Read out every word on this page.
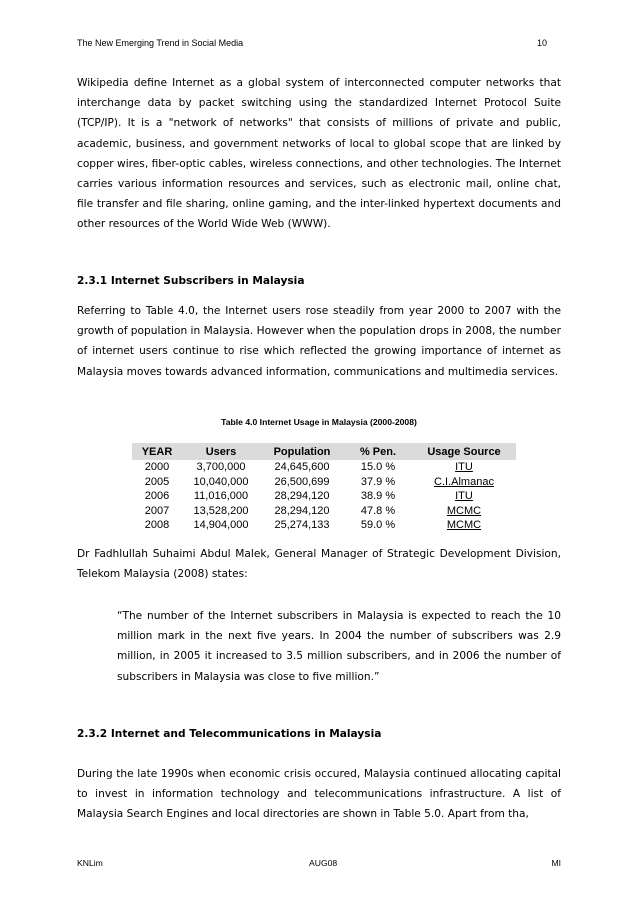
The New Emerging Trend in Social Media	10

Wikipedia define Internet as a global system of interconnected computer networks that interchange data by packet switching using the standardized Internet Protocol Suite (TCP/IP). It is a "network of networks" that consists of millions of private and public, academic, business, and government networks of local to global scope that are linked by copper wires, fiber-optic cables, wireless connections, and other technologies. The Internet carries various information resources and services, such as electronic mail, online chat, file transfer and file sharing, online gaming, and the inter-linked hypertext documents and other resources of the World Wide Web (WWW).

2.3.1 Internet Subscribers in Malaysia

Referring to Table 4.0, the Internet users rose steadily from year 2000 to 2007 with the growth of population in Malaysia. However when the population drops in 2008, the number of internet users continue to rise which reflected the growing importance of internet as Malaysia moves towards advanced information, communications and multimedia services.

Table 4.0 Internet Usage in Malaysia (2000-2008)
YEAR	Users	Population	% Pen.	Usage Source
2000	3,700,000	24,645,600	15.0 %	ITU
2005	10,040,000	26,500,699	37.9 %	C.I.Almanac
2006	11,016,000	28,294,120	38.9 %	ITU
2007	13,528,200	28,294,120	47.8 %	MCMC
2008	14,904,000	25,274,133	59.0 %	MCMC

Dr Fadhlullah Suhaimi Abdul Malek, General Manager of Strategic Development Division, Telekom Malaysia (2008) states:

“The number of the Internet subscribers in Malaysia is expected to reach the 10 million mark in the next five years. In 2004 the number of subscribers was 2.9 million, in 2005 it increased to 3.5 million subscribers, and in 2006 the number of subscribers in Malaysia was close to five million.”

2.3.2 Internet and Telecommunications in Malaysia

During the late 1990s when economic crisis occured, Malaysia continued allocating capital to invest in information technology and telecommunications infrastructure. A list of Malaysia Search Engines and local directories are shown in Table 5.0. Apart from tha,

KNLim	AUG08	MI
